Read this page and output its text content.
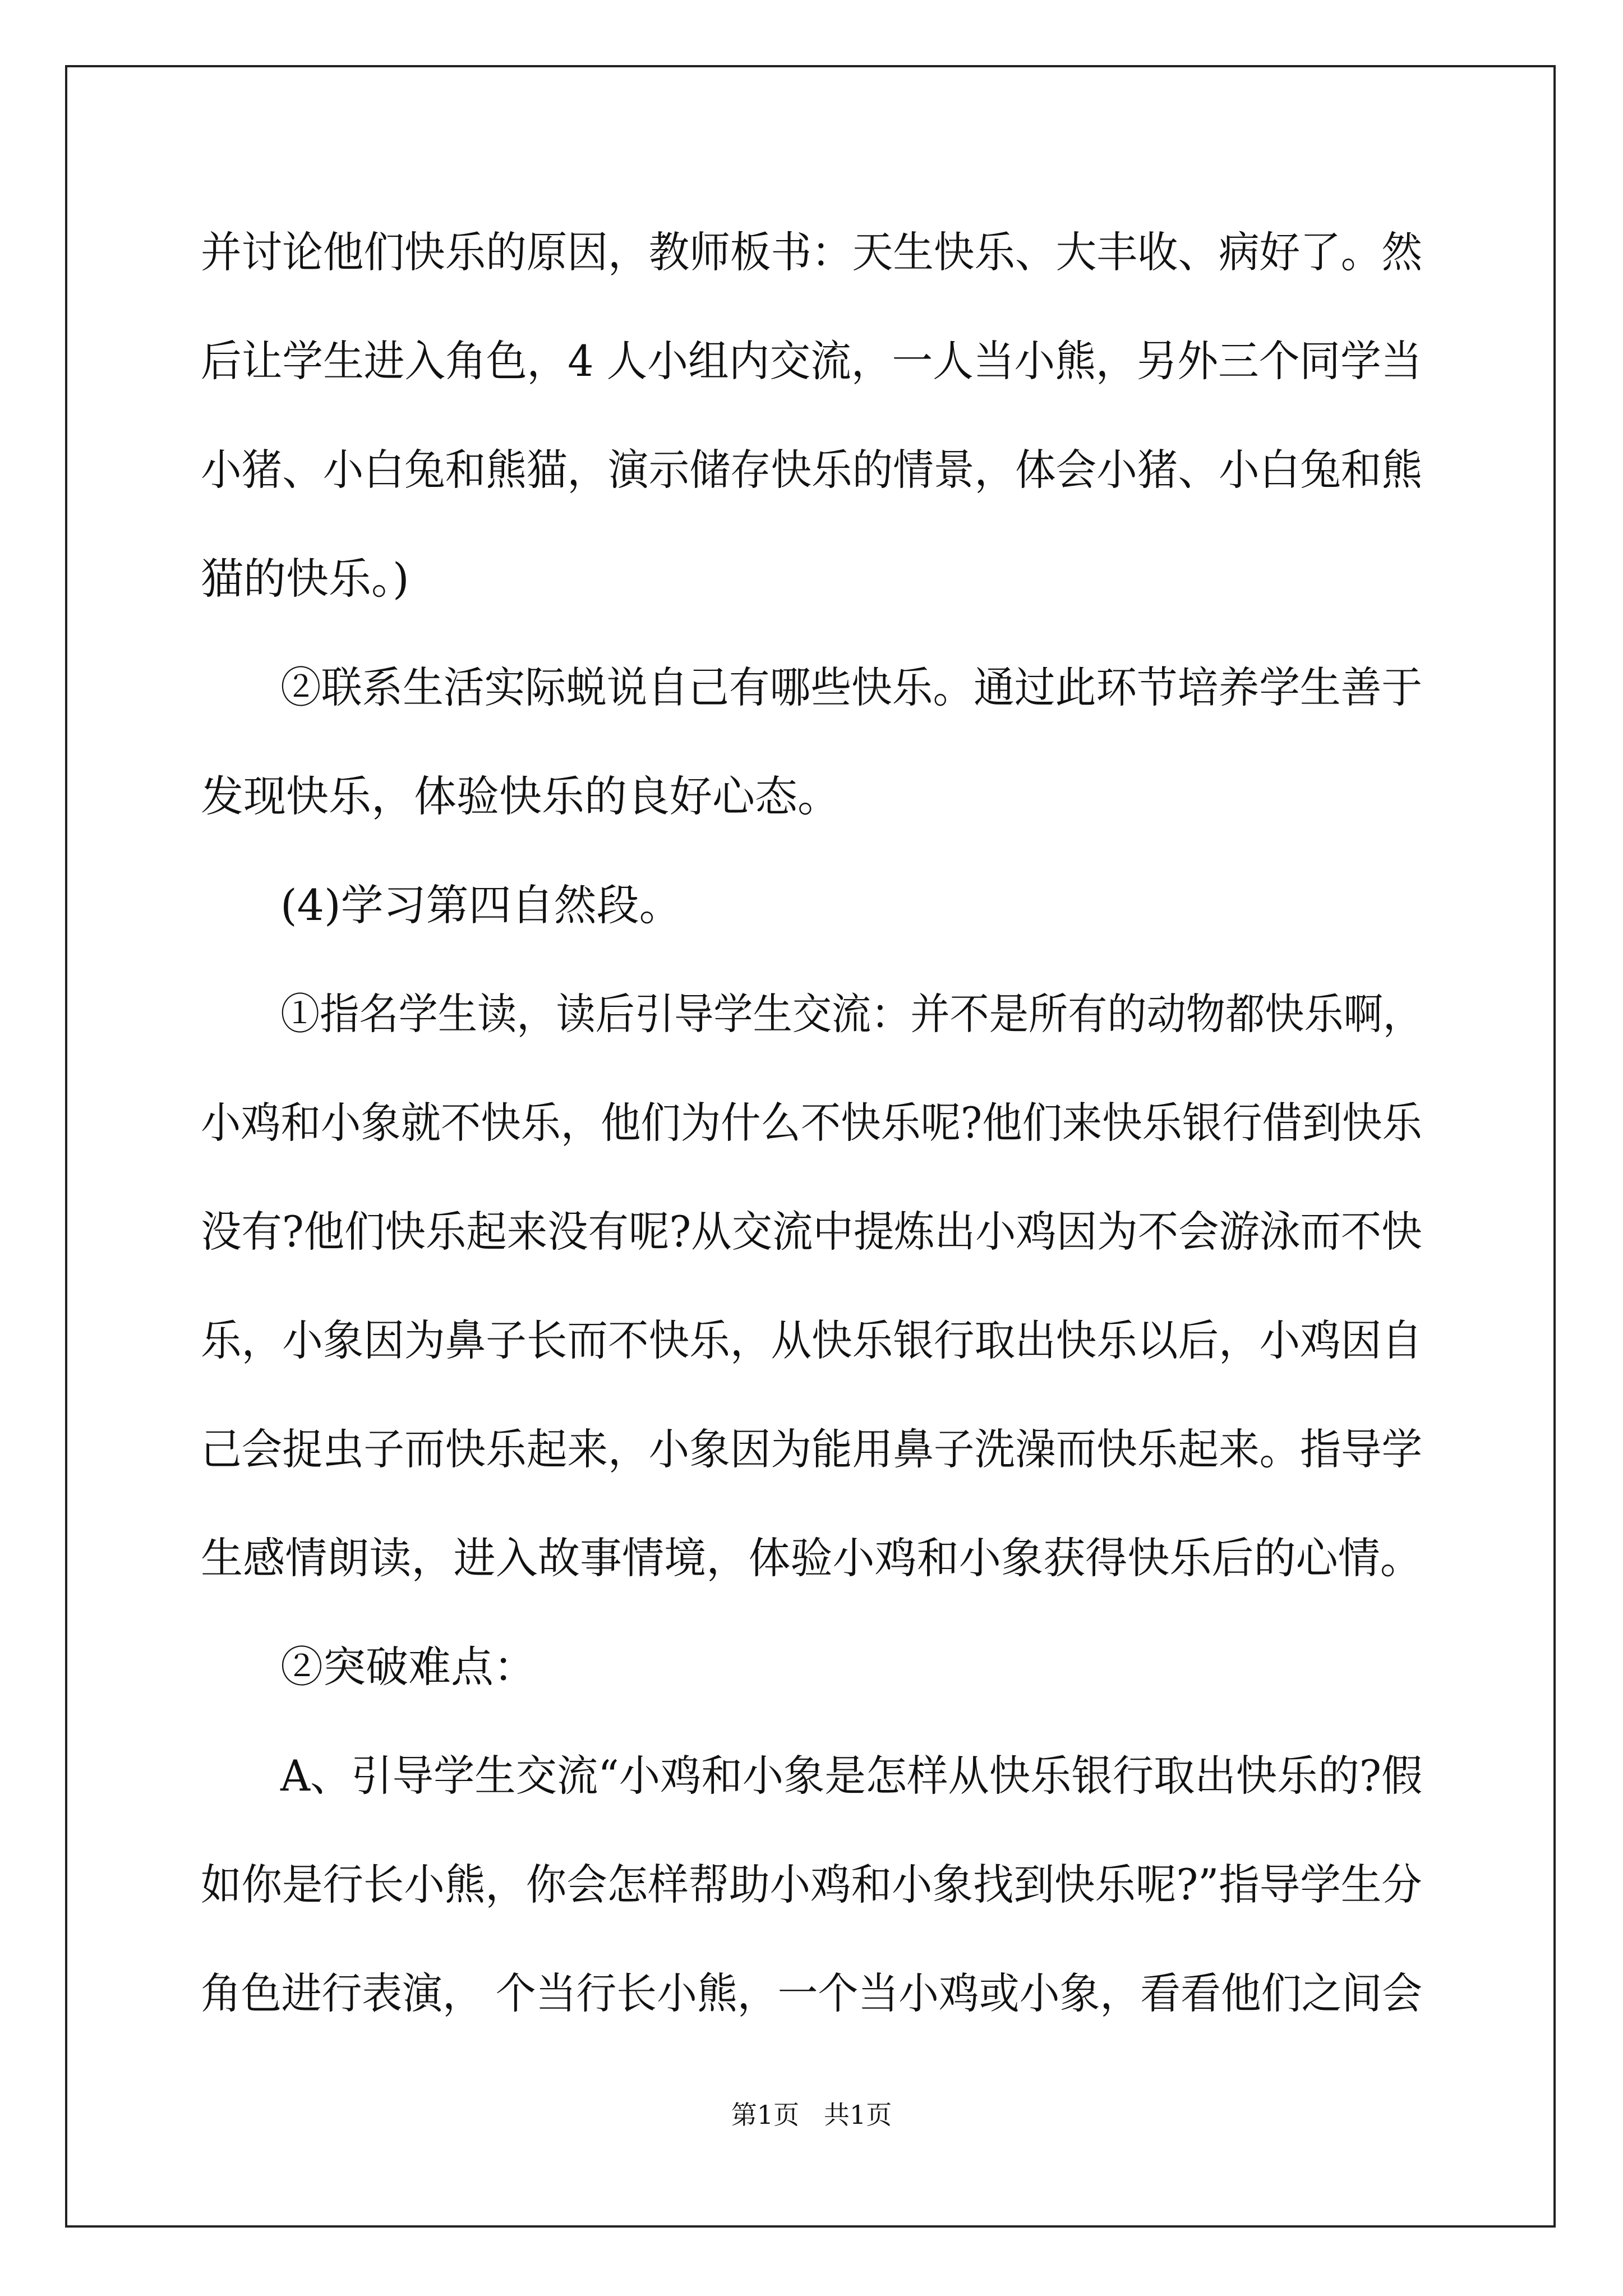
并讨论他们快乐的原因，教师板书：天生快乐、大丰收、病好了。然
后让学生进入角色，4 人小组内交流，一人当小熊，另外三个同学当
小猪、小白兔和熊猫，演示储存快乐的情景，体会小猪、小白兔和熊
猫的快乐。)
②联系生活实际蜕说自己有哪些快乐。通过此环节培养学生善于
发现快乐，体验快乐的良好心态。
(4)学习第四自然段。
①指名学生读，读后引导学生交流：并不是所有的动物都快乐啊，
小鸡和小象就不快乐，他们为什么不快乐呢?他们来快乐银行借到快乐
没有?他们快乐起来没有呢?从交流中提炼出小鸡因为不会游泳而不快
乐，小象因为鼻子长而不快乐，从快乐银行取出快乐以后，小鸡因自
己会捉虫子而快乐起来，小象因为能用鼻子洗澡而快乐起来。指导学
生感情朗读，进入故事情境，体验小鸡和小象获得快乐后的心情。
②突破难点：
A、引导学生交流“小鸡和小象是怎样从快乐银行取出快乐的?假
如你是行长小熊，你会怎样帮助小鸡和小象找到快乐呢?”指导学生分
角色进行表演， 个当行长小熊，一个当小鸡或小象，看看他们之间会
第1页   共1页
